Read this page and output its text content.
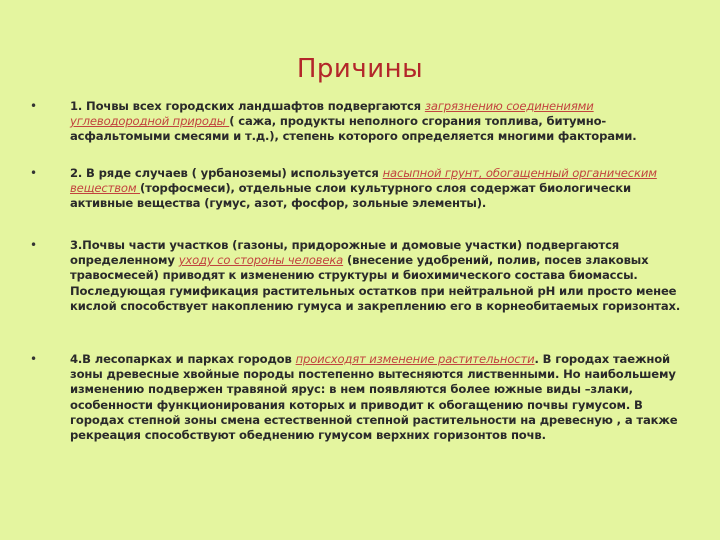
Причины
•	1. Почвы всех городских ландшафтов подвергаются загрязнению соединениями углеводородной природы ( сажа, продукты неполного сгорания топлива, битумно-асфальтомыми смесями и т.д.), степень которого определяется многими факторами.
•	2. В ряде случаев ( урбанοземы) используется насыпной грунт, обогащенный органическим веществом (торфосмеси), отдельные слои культурного слоя содержат биологически активные вещества (гумус, азот, фосфор, зольные элементы).
•	3.Почвы части участков (газоны, придорожные и домовые участки) подвергаются определенному уходу со стороны человека (внесение удобрений, полив, посев злаковых травосмесей) приводят к изменению структуры и биохимического состава биомассы. Последующая гумификация растительных остатков при нейтральной рН или просто менее кислой способствует накоплению гумуса и закреплению его в корнеобитаемых горизонтах.
•	4.В лесопарках и парках городов происходят изменение растительности. В городах таежной зоны древесные хвойные породы постепенно вытесняются лиственными. Но наибольшему изменению подвержен травяной ярус: в нем появляются более южные виды –злаки, особенности функционирования которых и приводит к обогащению почвы гумусом. В городах степной зоны смена естественной степной растительности на древесную , а также рекреация способствуют обеднению гумусом верхних горизонтов почв.
